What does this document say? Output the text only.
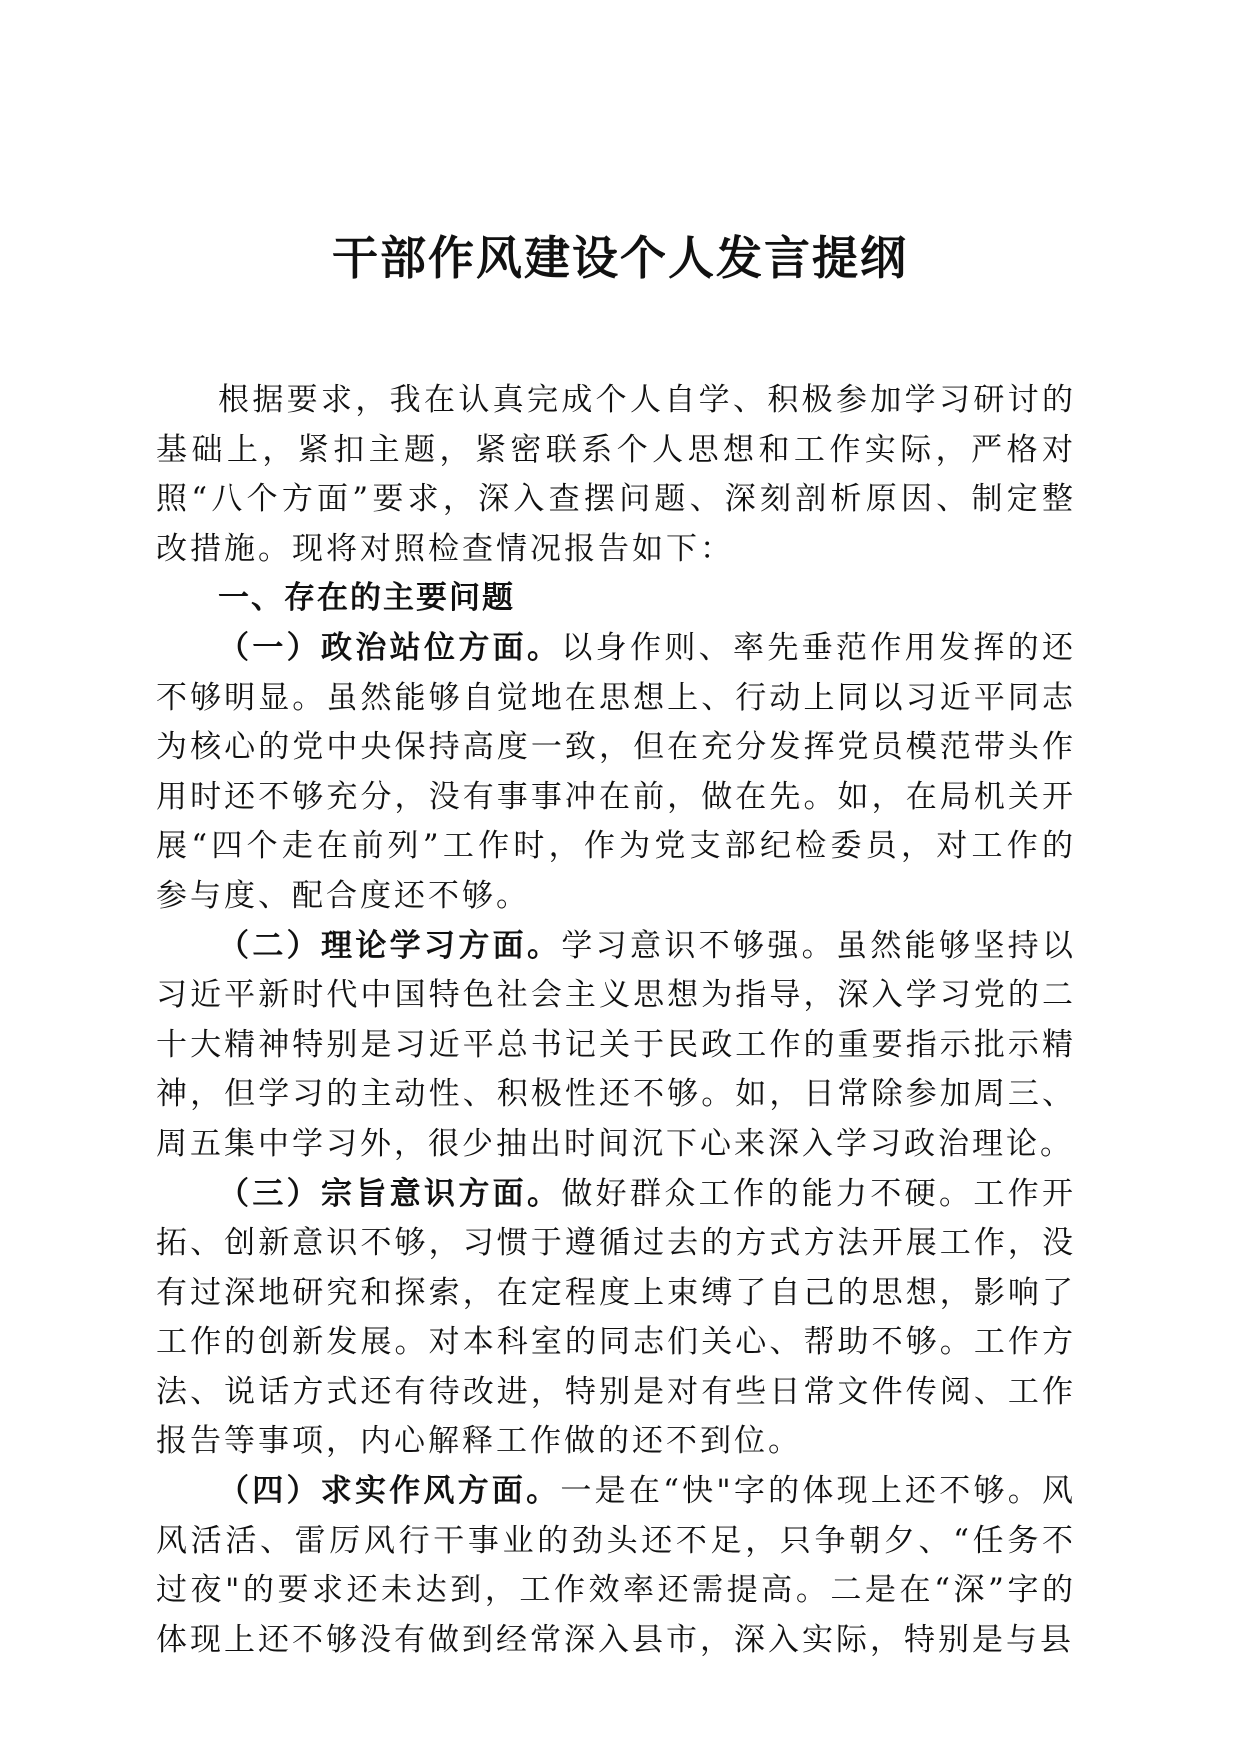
干部作风建设个人发言提纲

根据要求，我在认真完成个人自学、积极参加学习研讨的基础上，紧扣主题，紧密联系个人思想和工作实际，严格对照“八个方面”要求，深入查摆问题、深刻剖析原因、制定整改措施。现将对照检查情况报告如下：

一、存在的主要问题

（一）政治站位方面。以身作则、率先垂范作用发挥的还不够明显。虽然能够自觉地在思想上、行动上同以习近平同志为核心的党中央保持高度一致，但在充分发挥党员模范带头作用时还不够充分，没有事事冲在前，做在先。如，在局机关开展“四个走在前列”工作时，作为党支部纪检委员，对工作的参与度、配合度还不够。

（二）理论学习方面。学习意识不够强。虽然能够坚持以习近平新时代中国特色社会主义思想为指导，深入学习党的二十大精神特别是习近平总书记关于民政工作的重要指示批示精神，但学习的主动性、积极性还不够。如，日常除参加周三、周五集中学习外，很少抽出时间沉下心来深入学习政治理论。

（三）宗旨意识方面。做好群众工作的能力不硬。工作开拓、创新意识不够，习惯于遵循过去的方式方法开展工作，没有过深地研究和探索，在定程度上束缚了自己的思想，影响了工作的创新发展。对本科室的同志们关心、帮助不够。工作方法、说话方式还有待改进，特别是对有些日常文件传阅、工作报告等事项，内心解释工作做的还不到位。

（四）求实作风方面。一是在“快"字的体现上还不够。风风活活、雷厉风行干事业的劲头还不足，只争朝夕、“任务不过夜"的要求还未达到，工作效率还需提高。二是在“深”字的体现上还不够没有做到经常深入县市，深入实际，特别是与县
